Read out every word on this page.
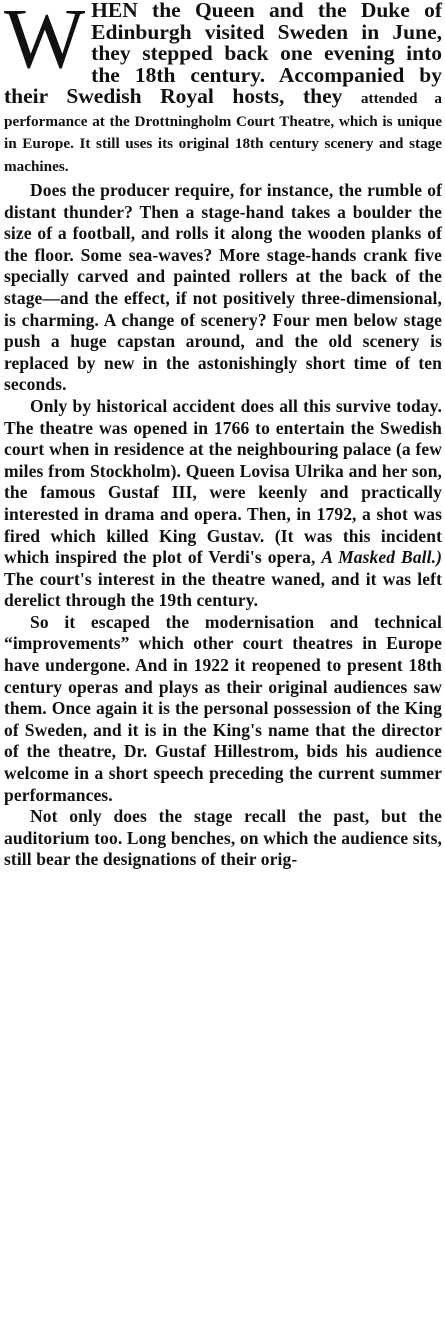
WHEN the Queen and the Duke of Edinburgh visited Sweden in June, they stepped back one evening into the 18th century. Accompanied by their Swedish Royal hosts, they attended a performance at the Drottningholm Court Theatre, which is unique in Europe. It still uses its original 18th century scenery and stage machines.

Does the producer require, for instance, the rumble of distant thunder? Then a stage-hand takes a boulder the size of a football, and rolls it along the wooden planks of the floor. Some sea-waves? More stage-hands crank five specially carved and painted rollers at the back of the stage—and the effect, if not positively three-dimensional, is charming. A change of scenery? Four men below stage push a huge capstan around, and the old scenery is replaced by new in the astonishingly short time of ten seconds.

Only by historical accident does all this survive today. The theatre was opened in 1766 to entertain the Swedish court when in residence at the neighbouring palace (a few miles from Stockholm). Queen Lovisa Ulrika and her son, the famous Gustaf III, were keenly and practically interested in drama and opera. Then, in 1792, a shot was fired which killed King Gustav. (It was this incident which inspired the plot of Verdi's opera, A Masked Ball.) The court's interest in the theatre waned, and it was left derelict through the 19th century.

So it escaped the modernisation and technical “improvements” which other court theatres in Europe have undergone. And in 1922 it reopened to present 18th century operas and plays as their original audiences saw them. Once again it is the personal possession of the King of Sweden, and it is in the King's name that the director of the theatre, Dr. Gustaf Hillestrom, bids his audience welcome in a short speech preceding the current summer performances.

Not only does the stage recall the past, but the auditorium too. Long benches, on which the audience sits, still bear the designations of their orig-
